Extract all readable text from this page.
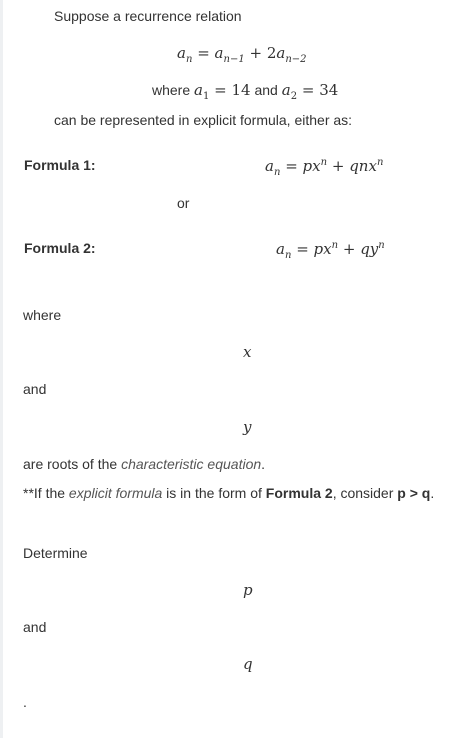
Suppose a recurrence relation
$a_n = a_{n-1} + 2a_{n-2}$
where $a_1 = 14$ and $a_2 = 34$
can be represented in explicit formula, either as:
Formula 1:	$a_n = px^n + qnx^n$
or
Formula 2:	$a_n = px^n + qy^n$
where
x
and
y
are roots of the characteristic equation.
**If the explicit formula is in the form of Formula 2, consider p > q.
Determine
p
and
q
.
